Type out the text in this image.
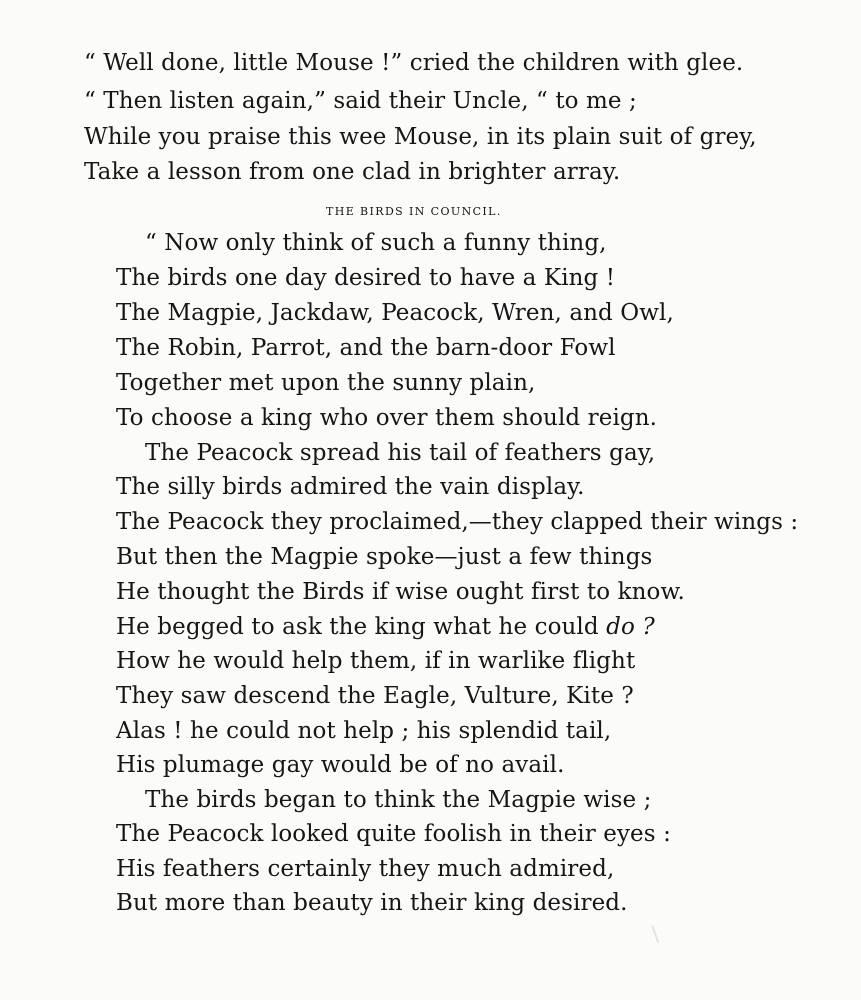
“ Well done, little Mouse !” cried the children with glee.
“ Then listen again,” said their Uncle, “ to me ;
While you praise this wee Mouse, in its plain suit of grey,
Take a lesson from one clad in brighter array.
THE BIRDS IN COUNCIL.
“ Now only think of such a funny thing,
The birds one day desired to have a King !
The Magpie, Jackdaw, Peacock, Wren, and Owl,
The Robin, Parrot, and the barn-door Fowl
Together met upon the sunny plain,
To choose a king who over them should reign.
The Peacock spread his tail of feathers gay,
The silly birds admired the vain display.
The Peacock they proclaimed,—they clapped their wings :
But then the Magpie spoke—just a few things
He thought the Birds if wise ought first to know.
He begged to ask the king what he could do ?
How he would help them, if in warlike flight
They saw descend the Eagle, Vulture, Kite ?
Alas ! he could not help ; his splendid tail,
His plumage gay would be of no avail.
The birds began to think the Magpie wise ;
The Peacock looked quite foolish in their eyes :
His feathers certainly they much admired,
But more than beauty in their king desired.
